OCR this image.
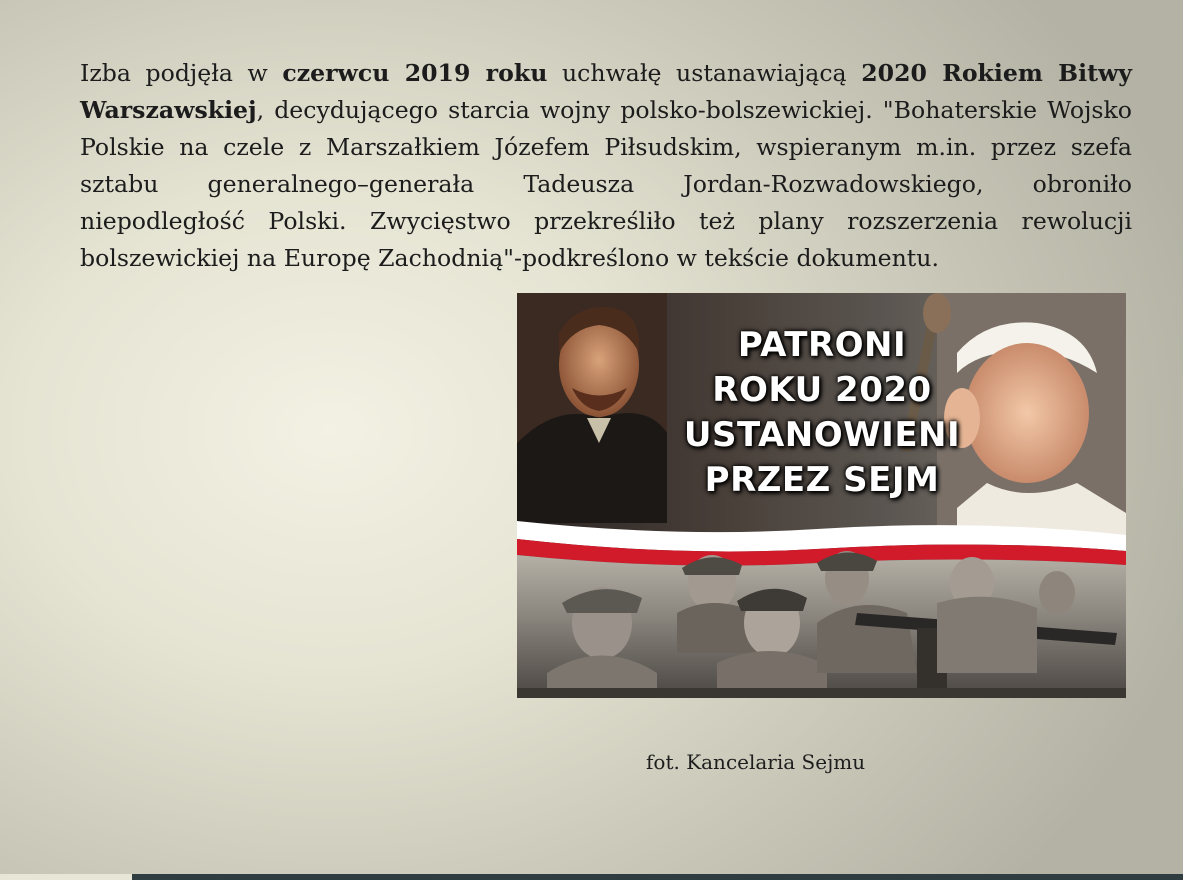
Izba podjęła w czerwcu 2019 roku uchwałę ustanawiającą 2020 Rokiem Bitwy Warszawskiej, decydującego starcia wojny polsko-bolszewickiej. "Bohaterskie Wojsko Polskie na czele z Marszałkiem Józefem Piłsudskim, wspieranym m.in. przez szefa sztabu generalnego–generała Tadeusza Jordan-Rozwadowskiego, obroniło niepodległość Polski. Zwycięstwo przekreśliło też plany rozszerzenia rewolucji bolszewickiej na Europę Zachodnią"-podkreślono w tekście dokumentu.

PATRONI
ROKU 2020
USTANOWIENI
PRZEZ SEJM

fot. Kancelaria Sejmu
